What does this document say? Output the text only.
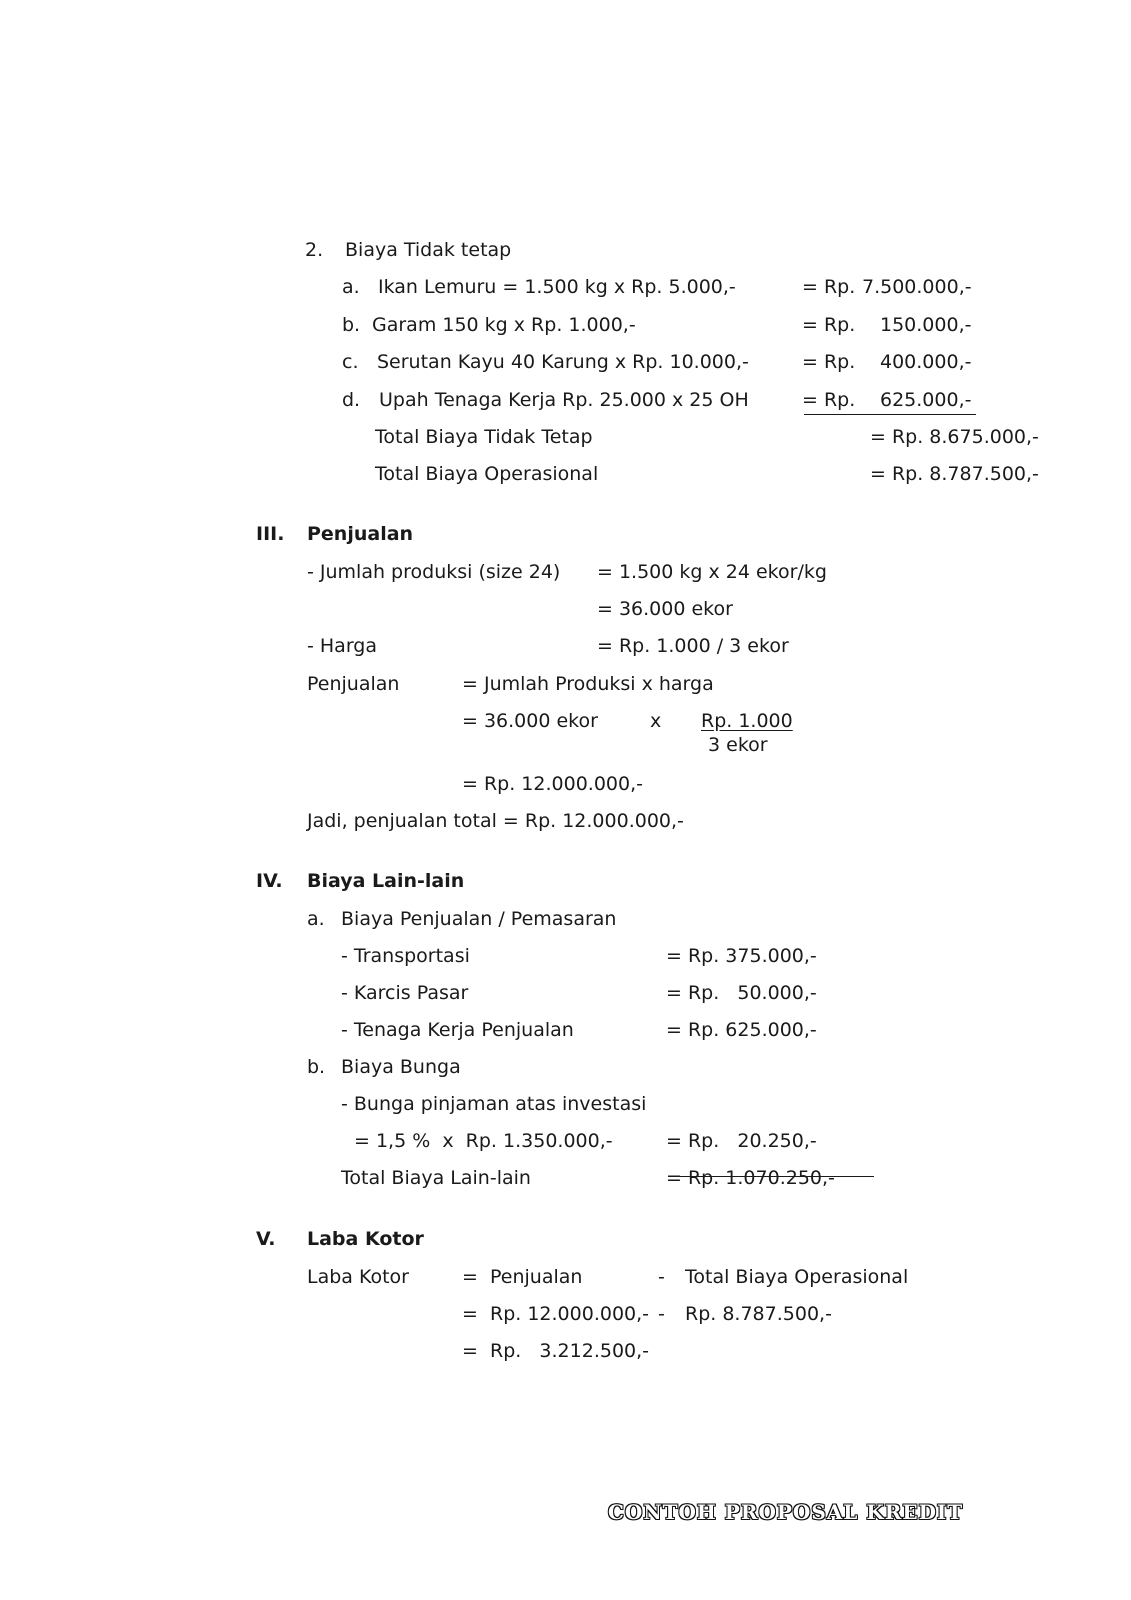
2. Biaya Tidak tetap
a. Ikan Lemuru = 1.500 kg x Rp. 5.000,-	= Rp. 7.500.000,-
b. Garam 150 kg x Rp. 1.000,-	= Rp. 150.000,-
c. Serutan Kayu 40 Karung x Rp. 10.000,-	= Rp. 400.000,-
d. Upah Tenaga Kerja Rp. 25.000 x 25 OH	= Rp. 625.000,-
Total Biaya Tidak Tetap	= Rp. 8.675.000,-
Total Biaya Operasional	= Rp. 8.787.500,-
III. Penjualan
- Jumlah produksi (size 24) = 1.500 kg x 24 ekor/kg
= 36.000 ekor
- Harga	= Rp. 1.000 / 3 ekor
Penjualan	= Jumlah Produksi x harga
= 36.000 ekor	x Rp. 1.000
3 ekor
= Rp. 12.000.000,-
Jadi, penjualan total = Rp. 12.000.000,-
IV. Biaya Lain-lain
a. Biaya Penjualan / Pemasaran
- Transportasi	= Rp. 375.000,-
- Karcis Pasar	= Rp.   50.000,-
- Tenaga Kerja Penjualan	= Rp. 625.000,-
b. Biaya Bunga
- Bunga pinjaman atas investasi
= 1,5 %  x  Rp. 1.350.000,-	= Rp.   20.250,-
Total Biaya Lain-lain	= Rp. 1.070.250,-
V. Laba Kotor
Laba Kotor	= Penjualan	- Total Biaya Operasional
= Rp. 12.000.000,- - Rp. 8.787.500,-
= Rp.   3.212.500,-
CONTOH PROPOSAL KREDIT
